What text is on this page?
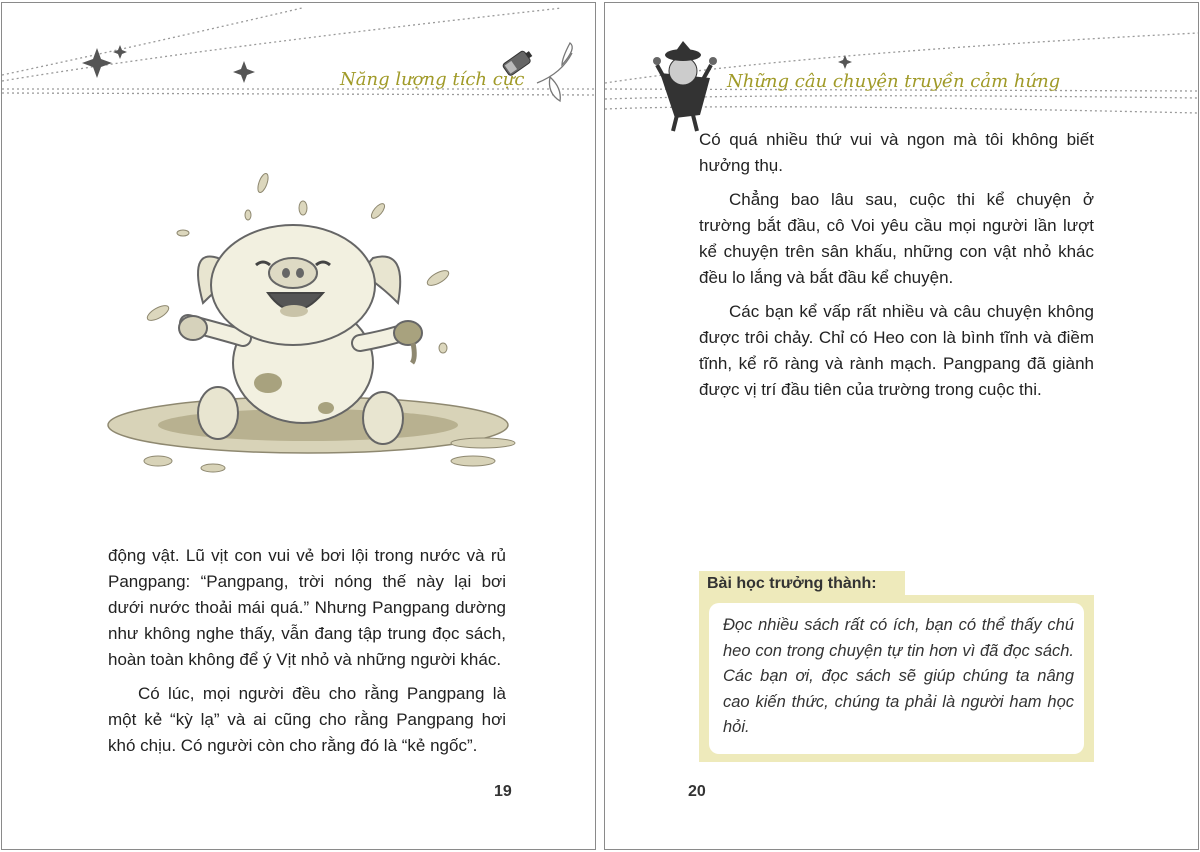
Năng lượng tích cực

động vật. Lũ vịt con vui vẻ bơi lội trong nước và rủ Pangpang: “Pangpang, trời nóng thế này lại bơi dưới nước thoải mái quá.” Nhưng Pangpang dường như không nghe thấy, vẫn đang tập trung đọc sách, hoàn toàn không để ý Vịt nhỏ và những người khác.

Có lúc, mọi người đều cho rằng Pangpang là một kẻ “kỳ lạ” và ai cũng cho rằng Pangpang hơi khó chịu. Có người còn cho rằng đó là “kẻ ngốc”.

19
Những câu chuyện truyền cảm hứng

Có quá nhiều thứ vui và ngon mà tôi không biết hưởng thụ.

Chẳng bao lâu sau, cuộc thi kể chuyện ở trường bắt đầu, cô Voi yêu cầu mọi người lần lượt kể chuyện trên sân khấu, những con vật nhỏ khác đều lo lắng và bắt đầu kể chuyện.

Các bạn kể vấp rất nhiều và câu chuyện không được trôi chảy. Chỉ có Heo con là bình tĩnh và điềm tĩnh, kể rõ ràng và rành mạch. Pangpang đã giành được vị trí đầu tiên của trường trong cuộc thi.

Bài học trưởng thành:
Đọc nhiều sách rất có ích, bạn có thể thấy chú heo con trong chuyện tự tin hơn vì đã đọc sách. Các bạn ơi, đọc sách sẽ giúp chúng ta nâng cao kiến thức, chúng ta phải là người ham học hỏi.
20
